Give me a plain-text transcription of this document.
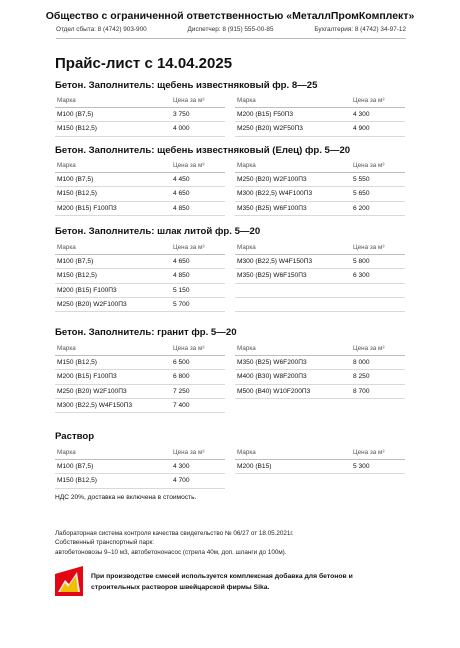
Общество с ограниченной ответственностью «МеталлПромКомплект»
Отдел сбыта: 8 (4742) 903-900	Диспетчер: 8 (915) 555-00-85	Бухгалтерия: 8 (4742) 34-97-12
Прайс-лист с 14.04.2025
Бетон. Заполнитель: щебень известняковый фр. 8—25
Марка	Цена за м³
М100 (В7,5)	3 750
М150 (В12,5)	4 000
Марка	Цена за м³
М200 (В15) F50П3	4 300
М250 (В20) W2F50П3	4 900
Бетон. Заполнитель: щебень известняковый (Елец) фр. 5—20
Марка	Цена за м³
М100 (В7,5)	4 450
М150 (В12,5)	4 650
М200 (В15) F100П3	4 850
Марка	Цена за м³
М250 (В20) W2F100П3	5 550
М300 (В22,5) W4F100П3	5 650
М350 (В25) W6F100П3	6 200
Бетон. Заполнитель: шлак литой фр. 5—20
Марка	Цена за м³
М100 (В7,5)	4 650
М150 (В12,5)	4 850
М200 (В15) F100П3	5 150
М250 (В20) W2F100П3	5 700
Марка	Цена за м³
М300 (В22,5) W4F150П3	5 800
М350 (В25) W6F150П3	6 300
Бетон. Заполнитель: гранит фр. 5—20
Марка	Цена за м³
М150 (В12,5)	6 500
М200 (В15) F100П3	6 800
М250 (В20) W2F100П3	7 250
М300 (В22,5) W4F150П3	7 400
Марка	Цена за м³
М350 (В25) W6F200П3	8 000
М400 (В30) W8F200П3	8 250
М500 (В40) W10F200П3	8 700
Раствор
Марка	Цена за м³
М100 (В7,5)	4 300
М150 (В12,5)	4 700
Марка	Цена за м³
М200 (В15)	5 300
НДС 20%, доставка не включена в стоимость.
Лабораторная система контроля качества свидетельство № 06/27 от 18.05.2021г.
Собственный транспортный парк:
автобетоновозы 9–10 м3, автобетононасос (стрела 40м, доп. шланги до 100м).
При производстве смесей используется комплексная добавка для бетонов и строительных растворов швейцарской фирмы Sika.
